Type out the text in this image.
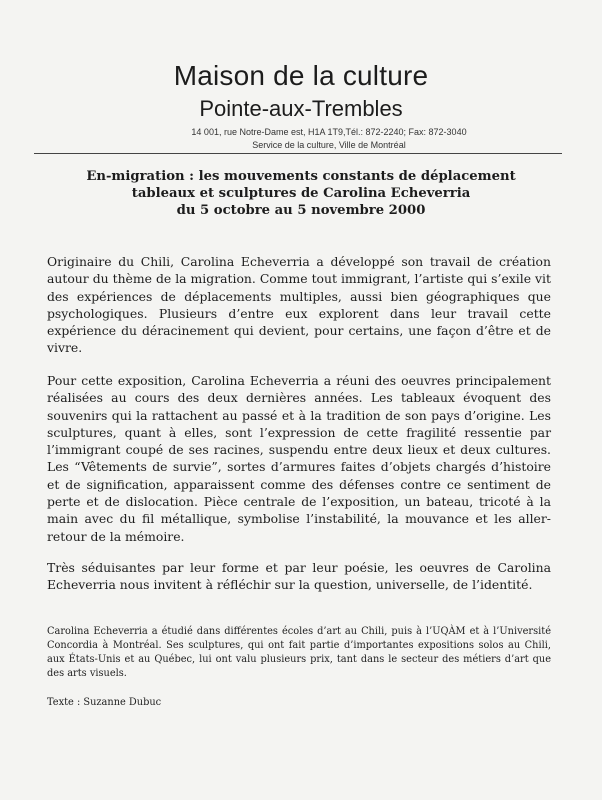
Maison de la culture
Pointe-aux-Trembles
14 001, rue Notre-Dame est, H1A 1T9,Tél.: 872-2240; Fax: 872-3040
Service de la culture, Ville de Montréal
En-migration : les mouvements constants de déplacement
tableaux et sculptures de Carolina Echeverria
du 5 octobre au 5 novembre 2000

Originaire du Chili, Carolina Echeverria a développé son travail de création autour du thème de la migration. Comme tout immigrant, l’artiste qui s’exile vit des expériences de déplacements multiples, aussi bien géographiques que psychologiques. Plusieurs d’entre eux explorent dans leur travail cette expérience du déracinement qui devient, pour certains, une façon d’être et de vivre.

Pour cette exposition, Carolina Echeverria a réuni des oeuvres principalement réalisées au cours des deux dernières années. Les tableaux évoquent des souvenirs qui la rattachent au passé et à la tradition de son pays d’origine. Les sculptures, quant à elles, sont l’expression de cette fragilité ressentie par l’immigrant coupé de ses racines, suspendu entre deux lieux et deux cultures. Les “Vêtements de survie”, sortes d’armures faites d’objets chargés d’histoire et de signification, apparaissent comme des défenses contre ce sentiment de perte et de dislocation. Pièce centrale de l’exposition, un bateau, tricoté à la main avec du fil métallique, symbolise l’instabilité, la mouvance et les aller-retour de la mémoire.

Très séduisantes par leur forme et par leur poésie, les oeuvres de Carolina Echeverria nous invitent à réfléchir sur la question, universelle, de l’identité.

Carolina Echeverria a étudié dans différentes écoles d’art au Chili, puis à l’UQÀM et à l’Université Concordia à Montréal. Ses sculptures, qui ont fait partie d’importantes expositions solos au Chili, aux États-Unis et au Québec, lui ont valu plusieurs prix, tant dans le secteur des métiers d’art que des arts visuels.

Texte : Suzanne Dubuc
